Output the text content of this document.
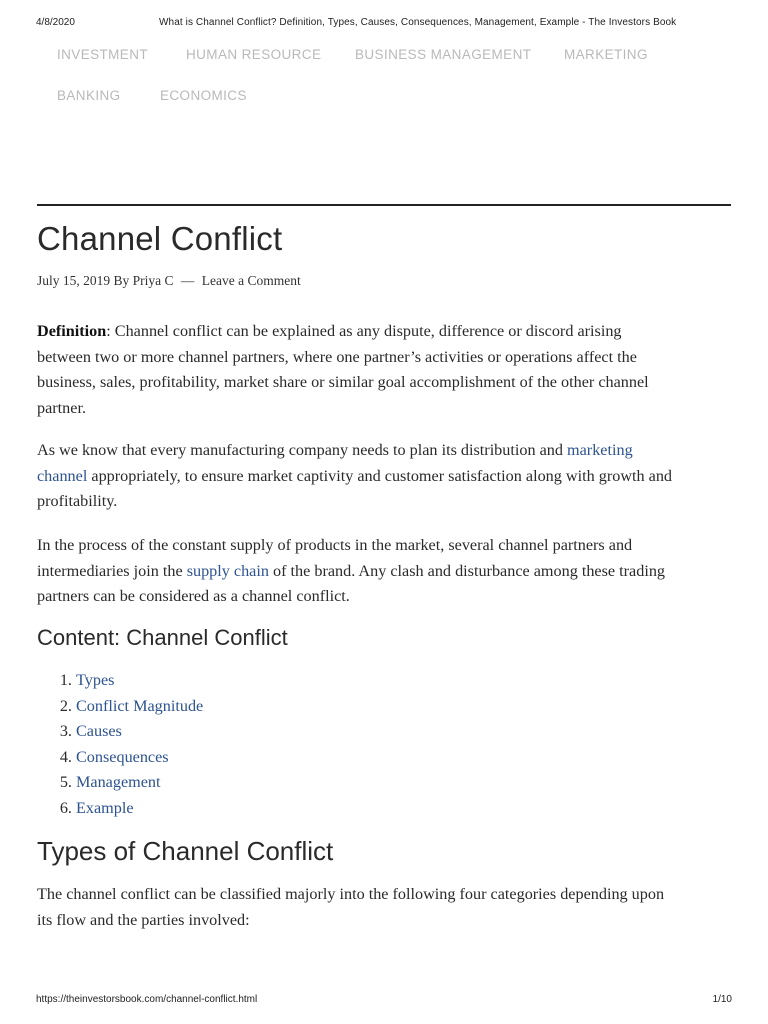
4/8/2020	What is Channel Conflict? Definition, Types, Causes, Consequences, Management, Example - The Investors Book
INVESTMENT	HUMAN RESOURCE BUSINESS MANAGEMENT MARKETING
BANKING	ECONOMICS
Channel Conflict
July 15, 2019 By Priya C — Leave a Comment

Definition: Channel conflict can be explained as any dispute, difference or discord arising between two or more channel partners, where one partner’s activities or operations affect the business, sales, profitability, market share or similar goal accomplishment of the other channel partner.

As we know that every manufacturing company needs to plan its distribution and marketing channel appropriately, to ensure market captivity and customer satisfaction along with growth and profitability.

In the process of the constant supply of products in the market, several channel partners and intermediaries join the supply chain of the brand. Any clash and disturbance among these trading partners can be considered as a channel conflict.

Content: Channel Conflict
1. Types
2. Conflict Magnitude
3. Causes
4. Consequences
5. Management
6. Example
Types of Channel Conflict

The channel conflict can be classified majorly into the following four categories depending upon its flow and the parties involved:

https://theinvestorsbook.com/channel-conflict.html	1/10
